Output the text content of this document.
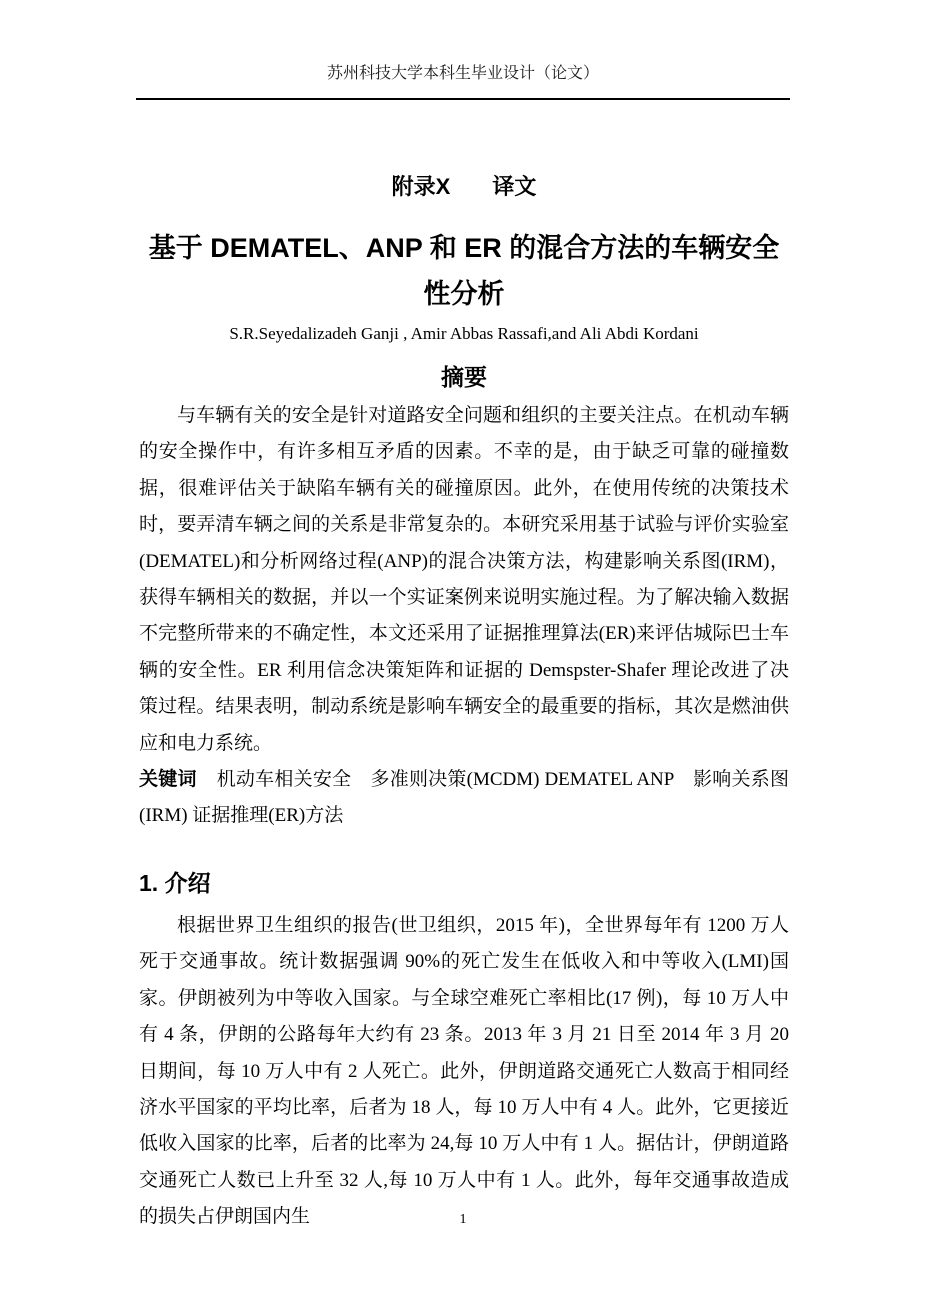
苏州科技大学本科生毕业设计（论文）
附录X 译文
基于 DEMATEL、ANP 和 ER 的混合方法的车辆安全
性分析
S.R.Seyedalizadeh Ganji , Amir Abbas Rassafi,and Ali Abdi Kordani
摘要

与车辆有关的安全是针对道路安全问题和组织的主要关注点。在机动车辆的安全操作中，有许多相互矛盾的因素。不幸的是，由于缺乏可靠的碰撞数据，很难评估关于缺陷车辆有关的碰撞原因。此外，在使用传统的决策技术时，要弄清车辆之间的关系是非常复杂的。本研究采用基于试验与评价实验室(DEMATEL)和分析网络过程(ANP)的混合决策方法，构建影响关系图(IRM)，获得车辆相关的数据，并以一个实证案例来说明实施过程。为了解决输入数据不完整所带来的不确定性，本文还采用了证据推理算法(ER)来评估城际巴士车辆的安全性。ER 利用信念决策矩阵和证据的 Demspster-Shafer 理论改进了决策过程。结果表明，制动系统是影响车辆安全的最重要的指标，其次是燃油供应和电力系统。

关键词 机动车相关安全　多准则决策(MCDM) DEMATEL ANP　影响关系图(IRM) 证据推理(ER)方法

1. 介绍

根据世界卫生组织的报告(世卫组织，2015 年)，全世界每年有 1200 万人死于交通事故。统计数据强调 90%的死亡发生在低收入和中等收入(LMI)国家。伊朗被列为中等收入国家。与全球空难死亡率相比(17 例)，每 10 万人中有 4 条，伊朗的公路每年大约有 23 条。2013 年 3 月 21 日至 2014 年 3 月 20 日期间，每 10 万人中有 2 人死亡。此外，伊朗道路交通死亡人数高于相同经济水平国家的平均比率，后者为 18 人，每 10 万人中有 4 人。此外，它更接近低收入国家的比率，后者的比率为 24,每 10 万人中有 1 人。据估计，伊朗道路交通死亡人数已上升至 32 人,每 10 万人中有 1 人。此外，每年交通事故造成的损失占伊朗国内生	1
